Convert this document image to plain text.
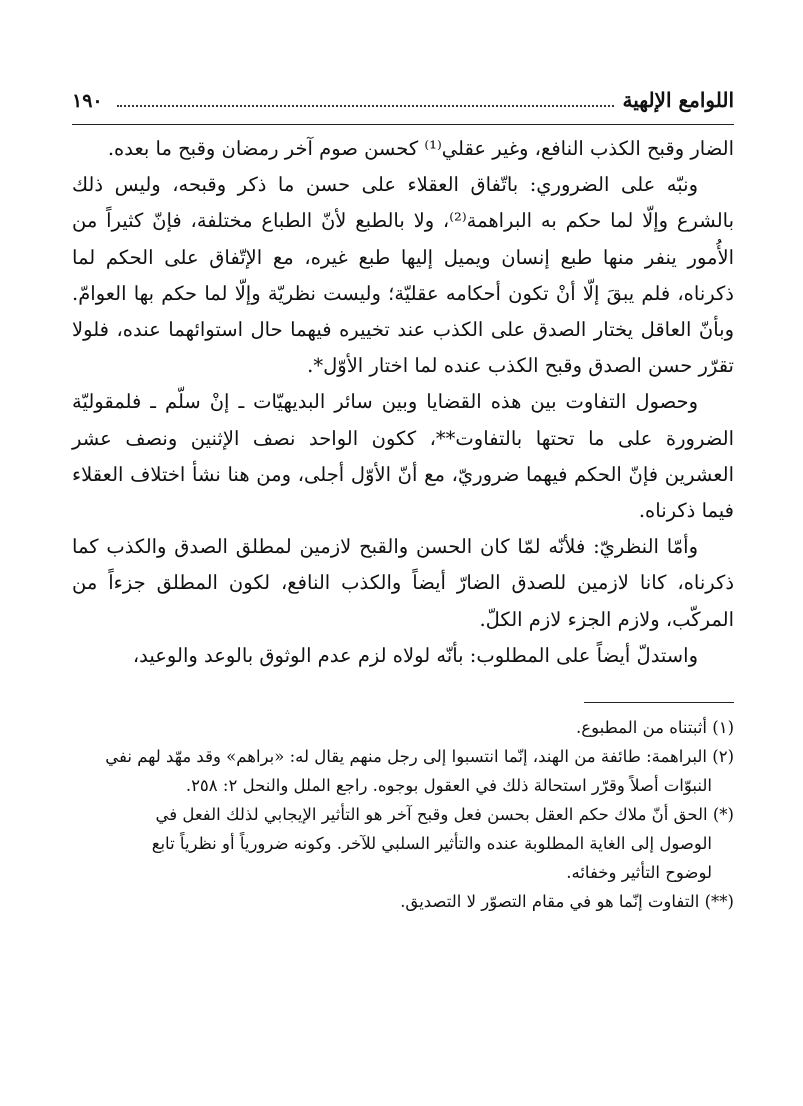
١٩٠	اللوامع الإلهية

الضار وقبح الكذب النافع، وغير عقلي⁽¹⁾ كحسن صوم آخر رمضان وقبح ما بعده.

ونبّه على الضروري: باتّفاق العقلاء على حسن ما ذكر وقبحه، وليس ذلك بالشرع وإلّا لما حكم به البراهمة⁽²⁾، ولا بالطبع لأنّ الطباع مختلفة، فإنّ كثيراً من الأُمور ينفر منها طبع إنسان ويميل إليها طبع غيره، مع الإتّفاق على الحكم لما ذكرناه، فلم يبقَ إلّا أنْ تكون أحكامه عقليّة؛ وليست نظريّة وإلّا لما حكم بها العوامّ. وبأنّ العاقل يختار الصدق على الكذب عند تخييره فيهما حال استوائهما عنده، فلولا تقرّر حسن الصدق وقبح الكذب عنده لما اختار الأوّل*.

وحصول التفاوت بين هذه القضايا وبين سائر البديهيّات ـ إنْ سلّم ـ فلمقوليّة الضرورة على ما تحتها بالتفاوت**، ككون الواحد نصف الإثنين ونصف عشر العشرين فإنّ الحكم فيهما ضروريّ، مع أنّ الأوّل أجلى، ومن هنا نشأ اختلاف العقلاء فيما ذكرناه.

وأمّا النظريّ: فلأنّه لمّا كان الحسن والقبح لازمين لمطلق الصدق والكذب كما ذكرناه، كانا لازمين للصدق الضارّ أيضاً والكذب النافع، لكون المطلق جزءاً من المركّب، ولازم الجزء لازم الكلّ.

واستدلّ أيضاً على المطلوب: بأنّه لولاه لزم عدم الوثوق بالوعد والوعيد،

(١) أثبتناه من المطبوع.

(٢) البراهمة: طائفة من الهند، إنّما انتسبوا إلى رجل منهم يقال له: «براهم» وقد مهّد لهم نفي

النبوّات أصلاً وقرّر استحالة ذلك في العقول بوجوه. راجع الملل والنحل ٢: ٢٥٨.

(*) الحق أنّ ملاك حكم العقل بحسن فعل وقبح آخر هو التأثير الإيجابي لذلك الفعل في

الوصول إلى الغاية المطلوبة عنده والتأثير السلبي للآخر. وكونه ضرورياً أو نظرياً تابع

لوضوح التأثير وخفائه.

(**) التفاوت إنّما هو في مقام التصوّر لا التصديق.
